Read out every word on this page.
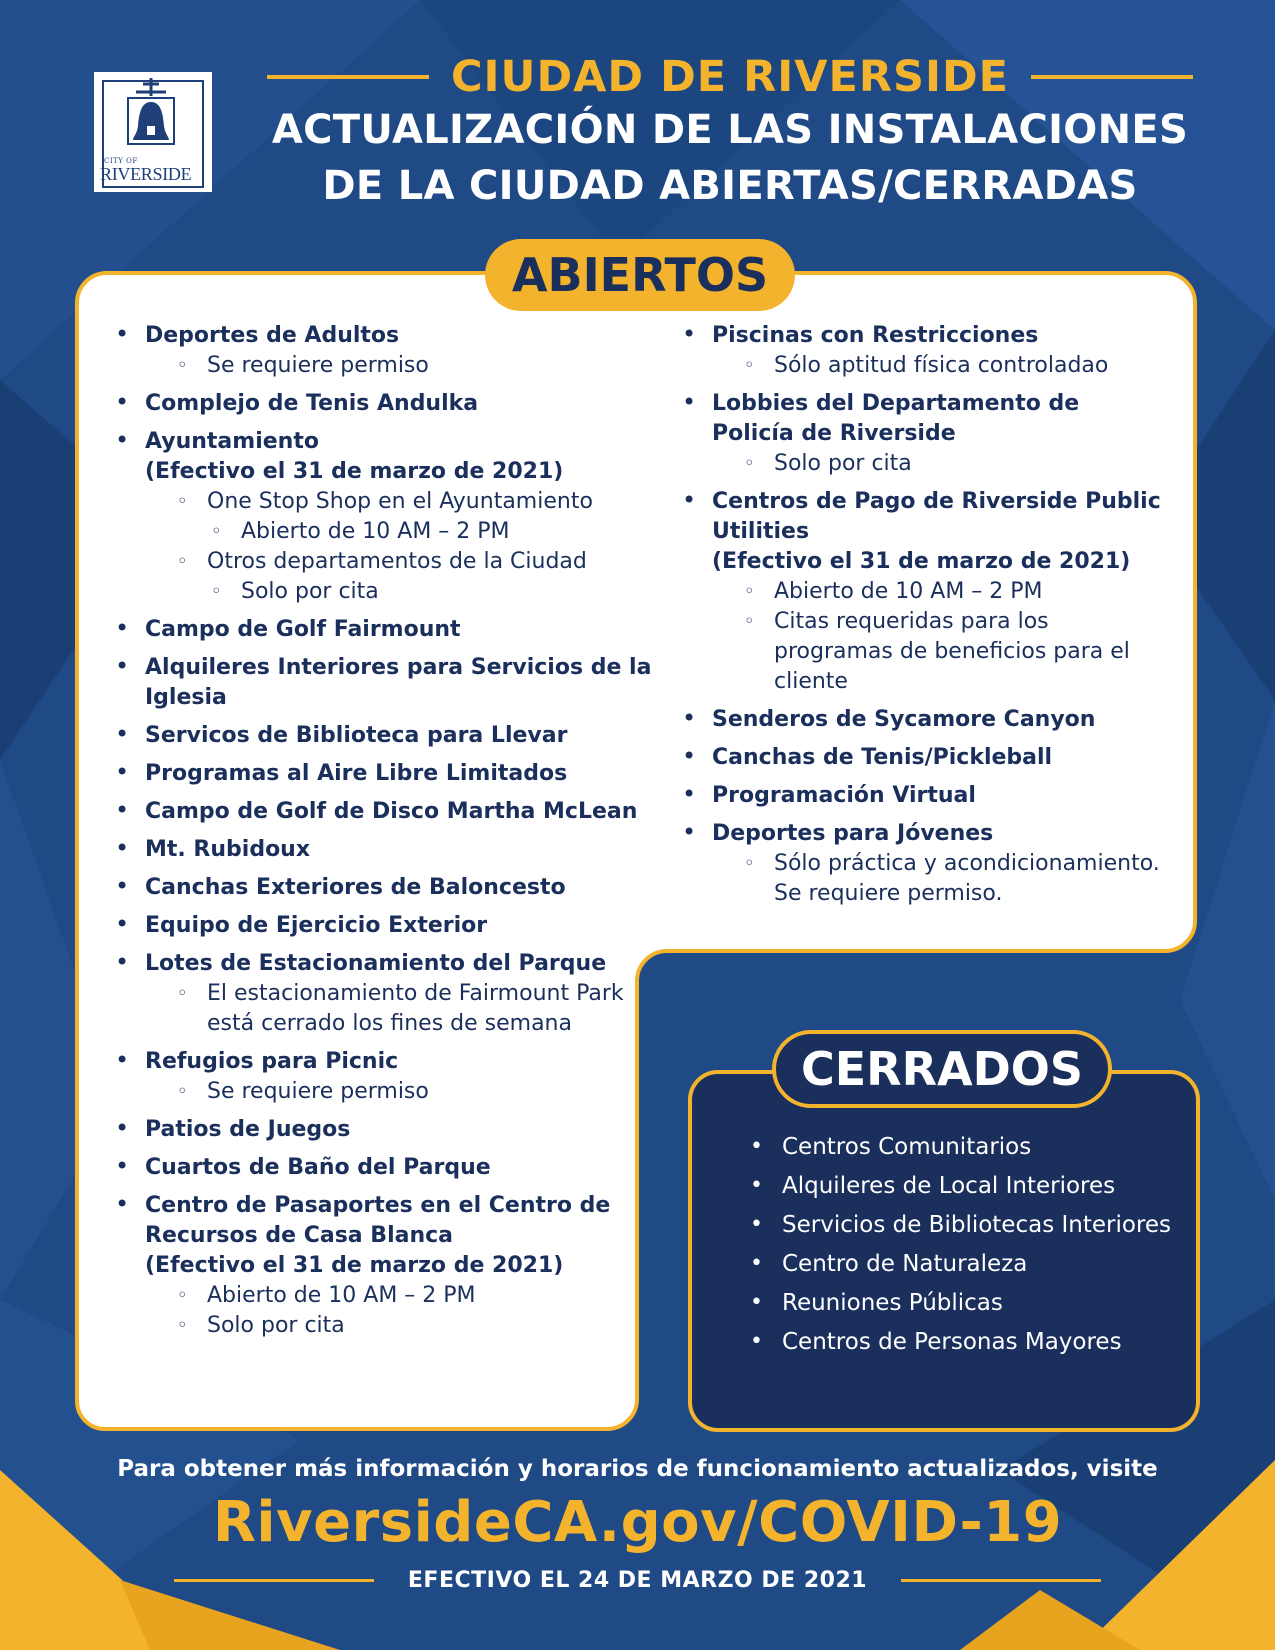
CITY OF
RIVERSIDE
CIUDAD DE RIVERSIDE
ACTUALIZACIÓN DE LAS INSTALACIONES
DE LA CIUDAD ABIERTAS/CERRADAS
ABIERTOS
• Deportes de Adultos
◦ Se requiere permiso
• Complejo de Tenis Andulka
• Ayuntamiento
(Efectivo el 31 de marzo de 2021)
◦ One Stop Shop en el Ayuntamiento
◦ Abierto de 10 AM – 2 PM
◦ Otros departamentos de la Ciudad
◦ Solo por cita
• Campo de Golf Fairmount
• Alquileres Interiores para Servicios de la Iglesia
• Servicos de Biblioteca para Llevar
• Programas al Aire Libre Limitados
• Campo de Golf de Disco Martha McLean
• Mt. Rubidoux
• Canchas Exteriores de Baloncesto
• Equipo de Ejercicio Exterior
• Lotes de Estacionamiento del Parque
◦ El estacionamiento de Fairmount Park está cerrado los fines de semana
• Refugios para Picnic
◦ Se requiere permiso
• Patios de Juegos
• Cuartos de Baño del Parque
• Centro de Pasaportes en el Centro de Recursos de Casa Blanca
(Efectivo el 31 de marzo de 2021)
◦ Abierto de 10 AM – 2 PM
◦ Solo por cita
• Piscinas con Restricciones
◦ Sólo aptitud física controladao
• Lobbies del Departamento de Policía de Riverside
◦ Solo por cita
• Centros de Pago de Riverside Public Utilities
(Efectivo el 31 de marzo de 2021)
◦ Abierto de 10 AM – 2 PM
◦ Citas requeridas para los programas de beneficios para el cliente
• Senderos de Sycamore Canyon
• Canchas de Tenis/Pickleball
• Programación Virtual
• Deportes para Jóvenes
◦ Sólo práctica y acondicionamiento. Se requiere permiso.
CERRADOS
• Centros Comunitarios
• Alquileres de Local Interiores
• Servicios de Bibliotecas Interiores
• Centro de Naturaleza
• Reuniones Públicas
• Centros de Personas Mayores
Para obtener más información y horarios de funcionamiento actualizados, visite
RiversideCA.gov/COVID-19
EFECTIVO EL 24 DE MARZO DE 2021
